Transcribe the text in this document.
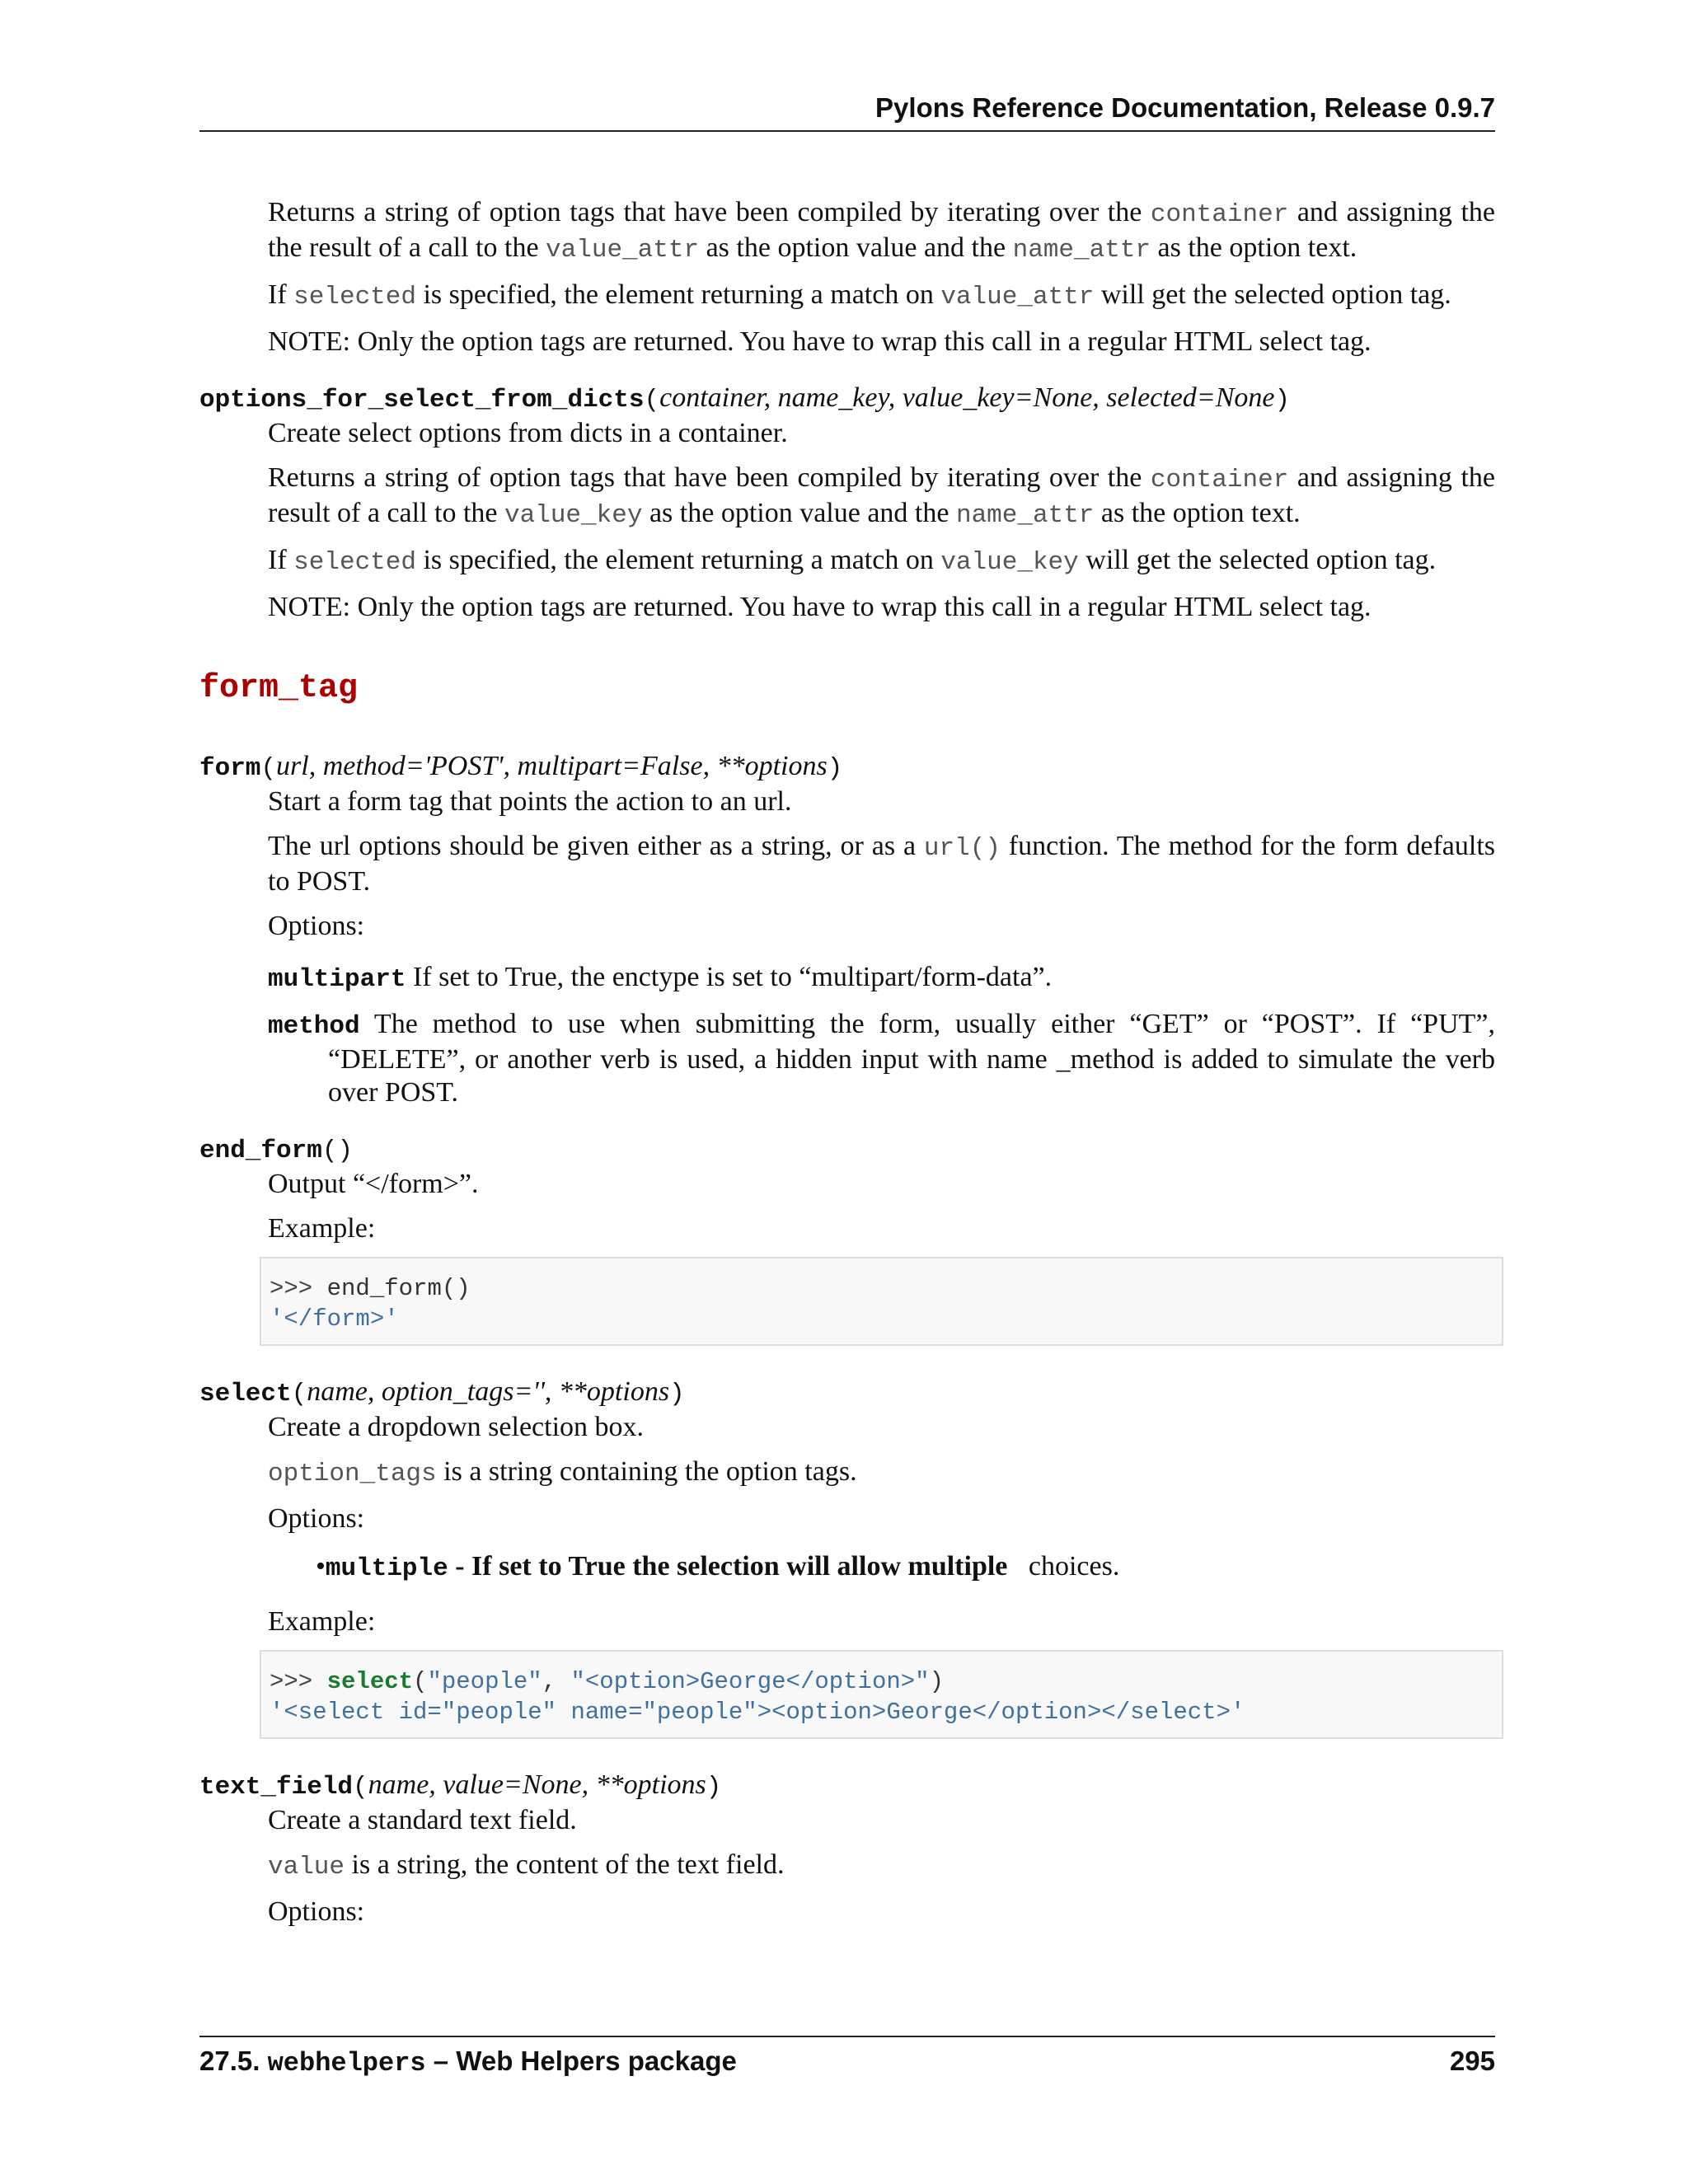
Pylons Reference Documentation, Release 0.9.7

Returns a string of option tags that have been compiled by iterating over the container and assigning the the result of a call to the value_attr as the option value and the name_attr as the option text.

If selected is specified, the element returning a match on value_attr will get the selected option tag.

NOTE: Only the option tags are returned. You have to wrap this call in a regular HTML select tag.

options_for_select_from_dicts(container, name_key, value_key=None, selected=None)

Create select options from dicts in a container.

Returns a string of option tags that have been compiled by iterating over the container and assigning the result of a call to the value_key as the option value and the name_attr as the option text.

If selected is specified, the element returning a match on value_key will get the selected option tag.

NOTE: Only the option tags are returned. You have to wrap this call in a regular HTML select tag.

form_tag
form(url, method='POST', multipart=False, **options)

Start a form tag that points the action to an url.

The url options should be given either as a string, or as a url() function. The method for the form defaults to POST.

Options:

multipart If set to True, the enctype is set to “multipart/form-data”.
method The method to use when submitting the form, usually either “GET” or “POST”. If “PUT”, “DELETE”, or another verb is used, a hidden input with name _method is added to simulate the verb over POST.
end_form()

Output “</form>”.

Example:

>>> end_form()
'</form>'
select(name, option_tags='', **options)

Create a dropdown selection box.

option_tags is a string containing the option tags.

Options:

•multiple - If set to True the selection will allow multiple   choices.

Example:

>>> select("people", "<option>George</option>")
'<select id="people" name="people"><option>George</option></select>'
text_field(name, value=None, **options)

Create a standard text field.

value is a string, the content of the text field.

Options:

27.5. webhelpers – Web Helpers package	295
